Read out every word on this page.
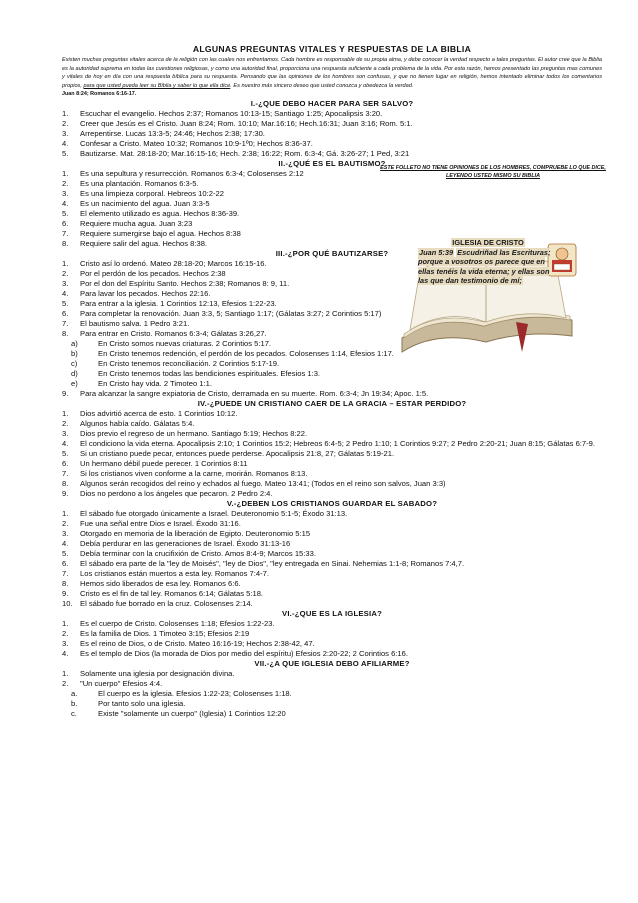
ALGUNAS PREGUNTAS VITALES Y RESPUESTAS DE LA BIBLIA
Existen muchas preguntas vitales acerca de la religión con las cuales nos enfrentamos. Cada hombre es responsable de su propia alma, y debe conocer la verdad respecto a tales preguntas. El autor cree que la Biblia es la autoridad suprema en todas las cuestiones religiosas, y como una autoridad final, proporciona una respuesta suficiente a cada problema de la vida. Por esta razón, hemos presentado las preguntas mas comunes y vitales de hoy en día con una respuesta bíblica para su respuesta. Pensando que las opiniones de los hombres son confusas, y que no tienen lugar en religión, hemos intentado eliminar todos los comentarios propios, para que usted pueda leer su Biblia y saber lo que ella dice. Es nuestro más sincero deseo que usted conozca y obedezca la verdad.
Juan 8:24; Romanos 6:16-17.
I.-¿QUE DEBO HACER PARA SER SALVO?
1. Escuchar el evangelio. Hechos 2:37; Romanos 10:13-15; Santiago 1:25; Apocalipsis 3:20.
2. Creer que Jesús es el Cristo. Juan 8:24; Rom. 10:10; Mar.16:16; Hech.16:31; Juan 3:16; Rom. 5:1.
3. Arrepentirse. Lucas 13:3-5; 24:46; Hechos 2:38; 17:30.
4. Confesar a Cristo. Mateo 10:32; Romanos 10:9-1º0; Hechos 8:36-37.
5. Bautizarse. Mat. 28:18-20; Mar.16:15-16; Hech. 2:38; 16:22; Rom. 6:3-4; Gá. 3:26-27; 1 Ped, 3:21
II.-¿QUÉ ES EL BAUTISMO?
1. Es una sepultura y resurrección. Romanos 6:3-4; Colosenses 2:12
2. Es una plantación. Romanos 6:3-5.
3. Es una limpieza corporal. Hebreos 10:2-22
4. Es un nacimiento del agua. Juan 3:3-5
5. El elemento utilizado es agua. Hechos 8:36-39.
6. Requiere mucha agua. Juan 3:23
7. Requiere sumergirse bajo el agua. Hechos 8:38
8. Requiere salir del agua. Hechos 8:38.
III.-¿POR QUÉ BAUTIZARSE?
1. Cristo así lo ordenó. Mateo 28:18-20; Marcos 16:15-16.
2. Por el perdón de los pecados. Hechos 2:38
3. Por el don del Espíritu Santo. Hechos 2:38; Romanos 8: 9, 11.
4. Para lavar los pecados. Hechos 22:16.
5. Para entrar a la iglesia. 1 Corintios 12:13, Efesios 1:22-23.
6. Para completar la renovación. Juan 3:3, 5; Santiago 1:17; (Gálatas 3:27; 2 Corintios 5:17)
7. El bautismo salva. 1 Pedro 3:21.
8. Para entrar en Cristo. Romanos 6:3-4; Gálatas 3:26,27.
a)	En Cristo somos nuevas criaturas. 2 Corintios 5:17.
b)	En Cristo tenemos redención, el perdón de los pecados. Colosenses 1:14, Efesios 1:17.
c)	En Cristo tenemos reconciliación. 2 Corintios 5:17-19.
d)	En Cristo tenemos todas las bendiciones espirituales. Efesios 1:3.
e)	En Cristo hay vida. 2 Timoteo 1:1.
9. Para alcanzar la sangre expiatoria de Cristo, derramada en su muerte. Rom. 6:3-4; Jn 19:34; Apoc. 1:5.
IV.-¿PUEDE UN CRISTIANO CAER DE LA GRACIA – ESTAR PERDIDO?
1. Dios advirtió acerca de esto. 1 Corintios 10:12.
2. Algunos había caído. Gálatas 5:4.
3. Dios previo el regreso de un hermano. Santiago 5:19; Hechos 8:22.
4. El condiciono la vida eterna. Apocalipsis 2:10; 1 Corintios 15:2; Hebreos 6:4-5; 2 Pedro 1:10; 1 Corintios 9:27; 2 Pedro 2:20-21; Juan 8:15; Gálatas 6:7-9.
5. Si un cristiano puede pecar, entonces puede perderse. Apocalipsis 21:8, 27; Gálatas 5:19-21.
6. Un hermano débil puede perecer. 1 Corintios 8:11
7. Si los cristianos viven conforme a la carne, morirán. Romanos 8:13.
8. Algunos serán recogidos del reino y echados al fuego. Mateo 13:41; (Todos en el reino son salvos, Juan 3:3)
9. Dios no perdono a los ángeles que pecaron. 2 Pedro 2:4.
V.-¿DEBEN LOS CRISTIANOS GUARDAR EL SABADO?
1. El sábado fue otorgado únicamente a Israel. Deuteronomio 5:1-5; Éxodo 31:13.
2. Fue una señal entre Dios e Israel. Éxodo 31:16.
3. Otorgado en memoria de la liberación de Egipto. Deuteronomio 5:15
4. Debía perdurar en las generaciones de Israel. Éxodo 31:13-16
5. Debía terminar con la crucifixión de Cristo. Amos 8:4-9; Marcos 15:33.
6. El sábado era parte de la "ley de Moisés", "ley de Dios", "ley entregada en Sinai. Nehemias 1:1-8; Romanos 7:4,7.
7. Los cristianos están muertos a esta ley. Romanos 7:4-7.
8. Hemos sido liberados de esa ley. Romanos 6:6.
9. Cristo es el fin de tal ley. Romanos 6:14; Gálatas 5:18.
10. El sábado fue borrado en la cruz. Colosenses 2:14.
VI.-¿QUE ES LA IGLESIA?
1. Es el cuerpo de Cristo. Colosenses 1:18; Efesios 1:22-23.
2. Es la familia de Dios. 1 Timoteo 3:15; Efesios 2:19
3. Es el reino de Dios, o de Cristo. Mateo 16:16-19; Hechos 2:38-42, 47.
4. Es el templo de Dios (la morada de Dios por medio del espíritu) Efesios 2:20-22; 2 Corintios 6:16.
VII.-¿A QUE IGLESIA DEBO AFILIARME?
1. Solamente una iglesia por designación divina.
2. "Un cuerpo" Efesios 4:4.
a.	El cuerpo es la iglesia. Efesios 1:22-23; Colosenses 1:18.
b.	Por tanto solo una iglesia.
c.	Existe "solamente un cuerpo" (Iglesia) 1 Corintios 12:20
ESTE FOLLETO NO TIENE OPINIONES DE LOS HOMBRES, COMPRUEBE LO QUE DICE, LEYENDO USTED MISMO SU BIBLIA
IGLESIA DE CRISTO
Juan 5:39 Escudriñad las Escrituras; porque a vosotros os parece que en ellas tenéis la vida eterna; y ellas son las que dan testimonio de mí;
